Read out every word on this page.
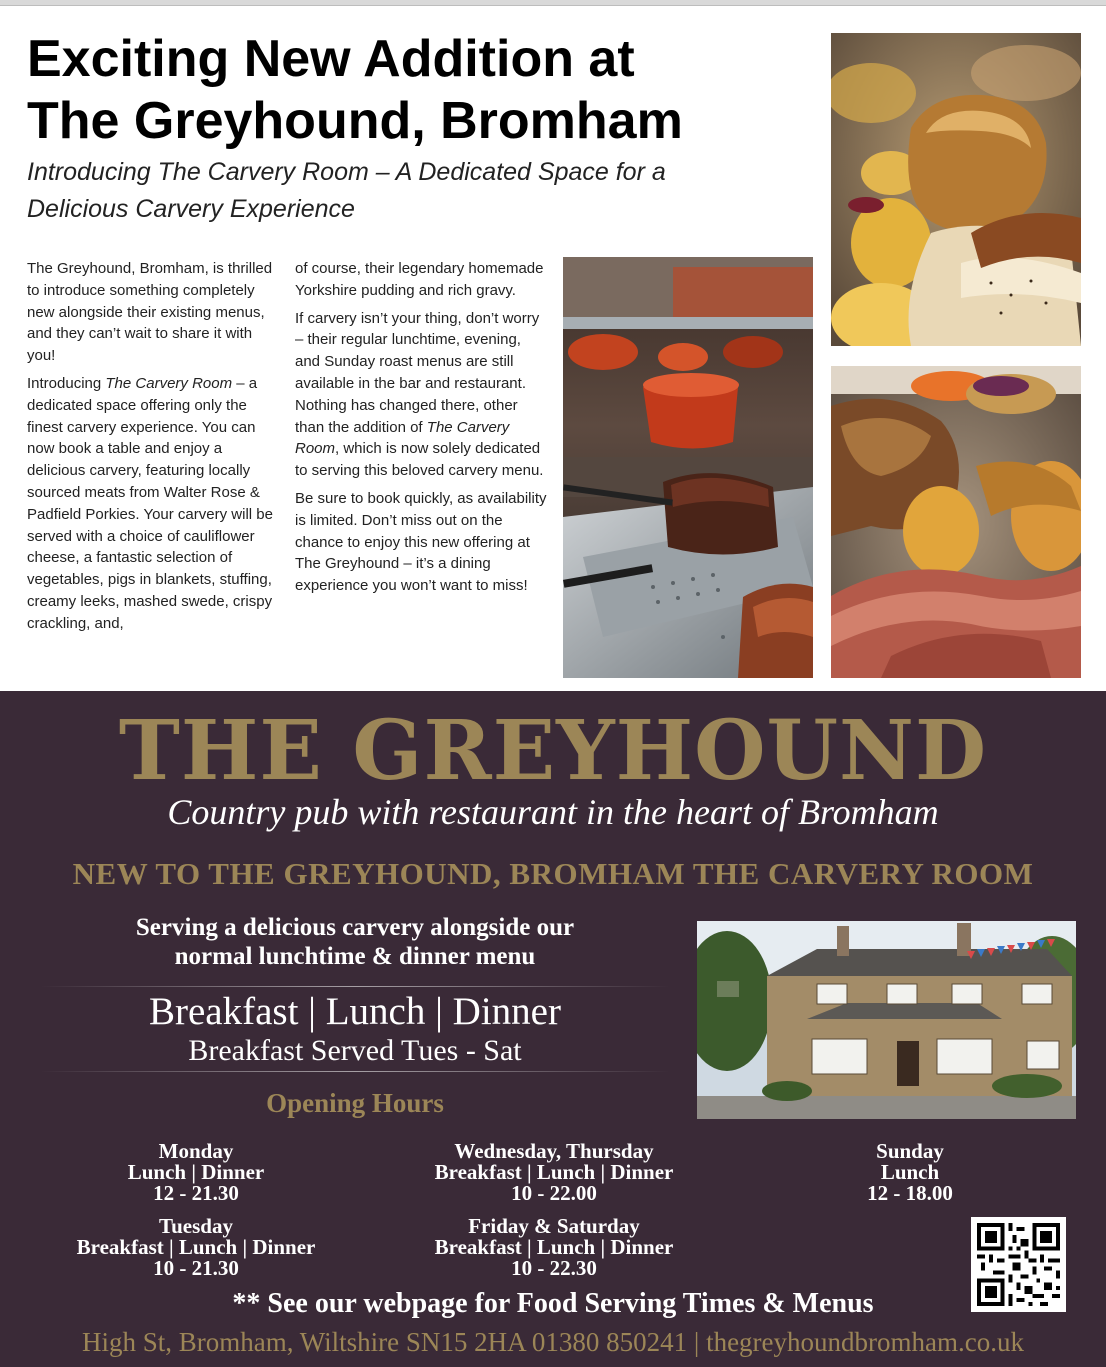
Exciting New Addition at
The Greyhound, Bromham
Introducing The Carvery Room – A Dedicated Space for a
Delicious Carvery Experience

The Greyhound, Bromham, is thrilled to introduce something completely new alongside their existing menus, and they can’t wait to share it with you!

Introducing The Carvery Room – a dedicated space offering only the finest carvery experience. You can now book a table and enjoy a delicious carvery, featuring locally sourced meats from Walter Rose & Padfield Porkies. Your carvery will be served with a choice of cauliflower cheese, a fantastic selection of vegetables, pigs in blankets, stuffing, creamy leeks, mashed swede, crispy crackling, and,

of course, their legendary homemade Yorkshire pudding and rich gravy.

If carvery isn’t your thing, don’t worry – their regular lunchtime, evening, and Sunday roast menus are still available in the bar and restaurant. Nothing has changed there, other than the addition of The Carvery Room, which is now solely dedicated to serving this beloved carvery menu.

Be sure to book quickly, as availability is limited. Don’t miss out on the chance to enjoy this new offering at The Greyhound – it’s a dining experience you won’t want to miss!

THE GREYHOUND
Country pub with restaurant in the heart of Bromham
NEW TO THE GREYHOUND, BROMHAM THE CARVERY ROOM
Serving a delicious carvery alongside our
normal lunchtime & dinner menu
Breakfast | Lunch | Dinner
Breakfast Served Tues - Sat
Opening Hours
Monday
Lunch | Dinner
12 - 21.30
Tuesday
Breakfast | Lunch | Dinner
10 - 21.30
Wednesday, Thursday
Breakfast | Lunch | Dinner
10 - 22.00
Friday & Saturday
Breakfast | Lunch | Dinner
10 - 22.30
Sunday
Lunch
12 - 18.00
** See our webpage for Food Serving Times & Menus
High St, Bromham, Wiltshire SN15 2HA 01380 850241 | thegreyhoundbromham.co.uk
